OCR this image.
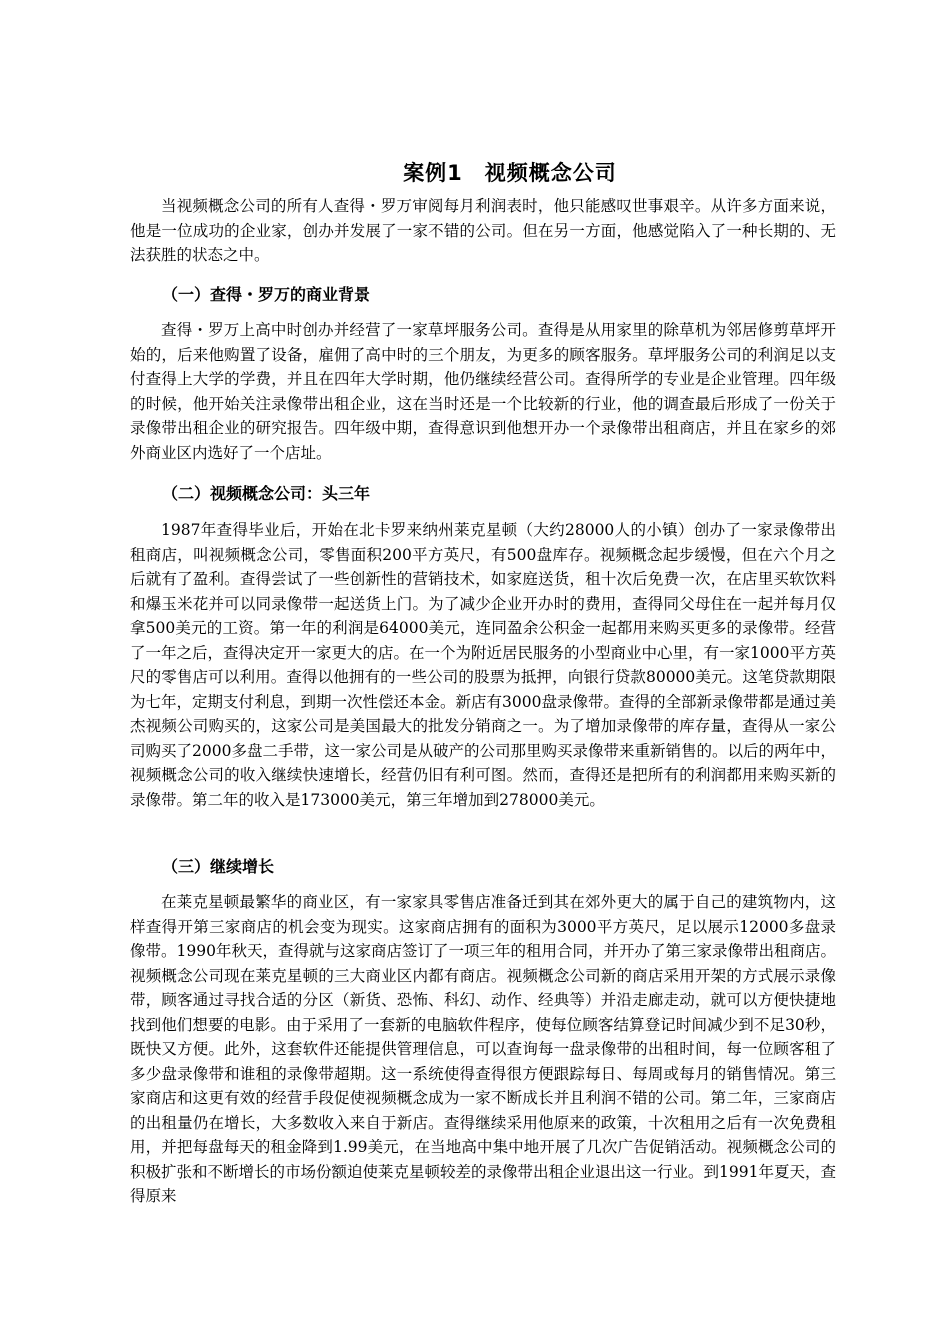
案例1　视频概念公司

当视频概念公司的所有人查得・罗万审阅每月利润表时，他只能感叹世事艰辛。从许多方面来说，他是一位成功的企业家，创办并发展了一家不错的公司。但在另一方面，他感觉陷入了一种长期的、无法获胜的状态之中。

（一）查得・罗万的商业背景

查得・罗万上高中时创办并经营了一家草坪服务公司。查得是从用家里的除草机为邻居修剪草坪开始的，后来他购置了设备，雇佣了高中时的三个朋友，为更多的顾客服务。草坪服务公司的利润足以支付查得上大学的学费，并且在四年大学时期，他仍继续经营公司。查得所学的专业是企业管理。四年级的时候，他开始关注录像带出租企业，这在当时还是一个比较新的行业，他的调查最后形成了一份关于录像带出租企业的研究报告。四年级中期，查得意识到他想开办一个录像带出租商店，并且在家乡的郊外商业区内选好了一个店址。

（二）视频概念公司：头三年

1987年查得毕业后，开始在北卡罗来纳州莱克星顿（大约28000人的小镇）创办了一家录像带出租商店，叫视频概念公司，零售面积200平方英尺，有500盘库存。视频概念起步缓慢，但在六个月之后就有了盈利。查得尝试了一些创新性的营销技术，如家庭送货，租十次后免费一次，在店里买软饮料和爆玉米花并可以同录像带一起送货上门。为了减少企业开办时的费用，查得同父母住在一起并每月仅拿500美元的工资。第一年的利润是64000美元，连同盈余公积金一起都用来购买更多的录像带。经营了一年之后，查得决定开一家更大的店。在一个为附近居民服务的小型商业中心里，有一家1000平方英尺的零售店可以利用。查得以他拥有的一些公司的股票为抵押，向银行贷款80000美元。这笔贷款期限为七年，定期支付利息，到期一次性偿还本金。新店有3000盘录像带。查得的全部新录像带都是通过美杰视频公司购买的，这家公司是美国最大的批发分销商之一。为了增加录像带的库存量，查得从一家公司购买了2000多盘二手带，这一家公司是从破产的公司那里购买录像带来重新销售的。以后的两年中，视频概念公司的收入继续快速增长，经营仍旧有利可图。然而，查得还是把所有的利润都用来购买新的录像带。第二年的收入是173000美元，第三年增加到278000美元。

（三）继续增长

在莱克星顿最繁华的商业区，有一家家具零售店准备迁到其在郊外更大的属于自己的建筑物内，这样查得开第三家商店的机会变为现实。这家商店拥有的面积为3000平方英尺，足以展示12000多盘录像带。1990年秋天，查得就与这家商店签订了一项三年的租用合同，并开办了第三家录像带出租商店。视频概念公司现在莱克星顿的三大商业区内都有商店。视频概念公司新的商店采用开架的方式展示录像带，顾客通过寻找合适的分区（新货、恐怖、科幻、动作、经典等）并沿走廊走动，就可以方便快捷地找到他们想要的电影。由于采用了一套新的电脑软件程序，使每位顾客结算登记时间减少到不足30秒，既快又方便。此外，这套软件还能提供管理信息，可以查询每一盘录像带的出租时间，每一位顾客租了多少盘录像带和谁租的录像带超期。这一系统使得查得很方便跟踪每日、每周或每月的销售情况。第三家商店和这更有效的经营手段促使视频概念成为一家不断成长并且利润不错的公司。第二年，三家商店的出租量仍在增长，大多数收入来自于新店。查得继续采用他原来的政策，十次租用之后有一次免费租用，并把每盘每天的租金降到1.99美元，在当地高中集中地开展了几次广告促销活动。视频概念公司的积极扩张和不断增长的市场份额迫使莱克星顿较差的录像带出租企业退出这一行业。到1991年夏天，查得原来
